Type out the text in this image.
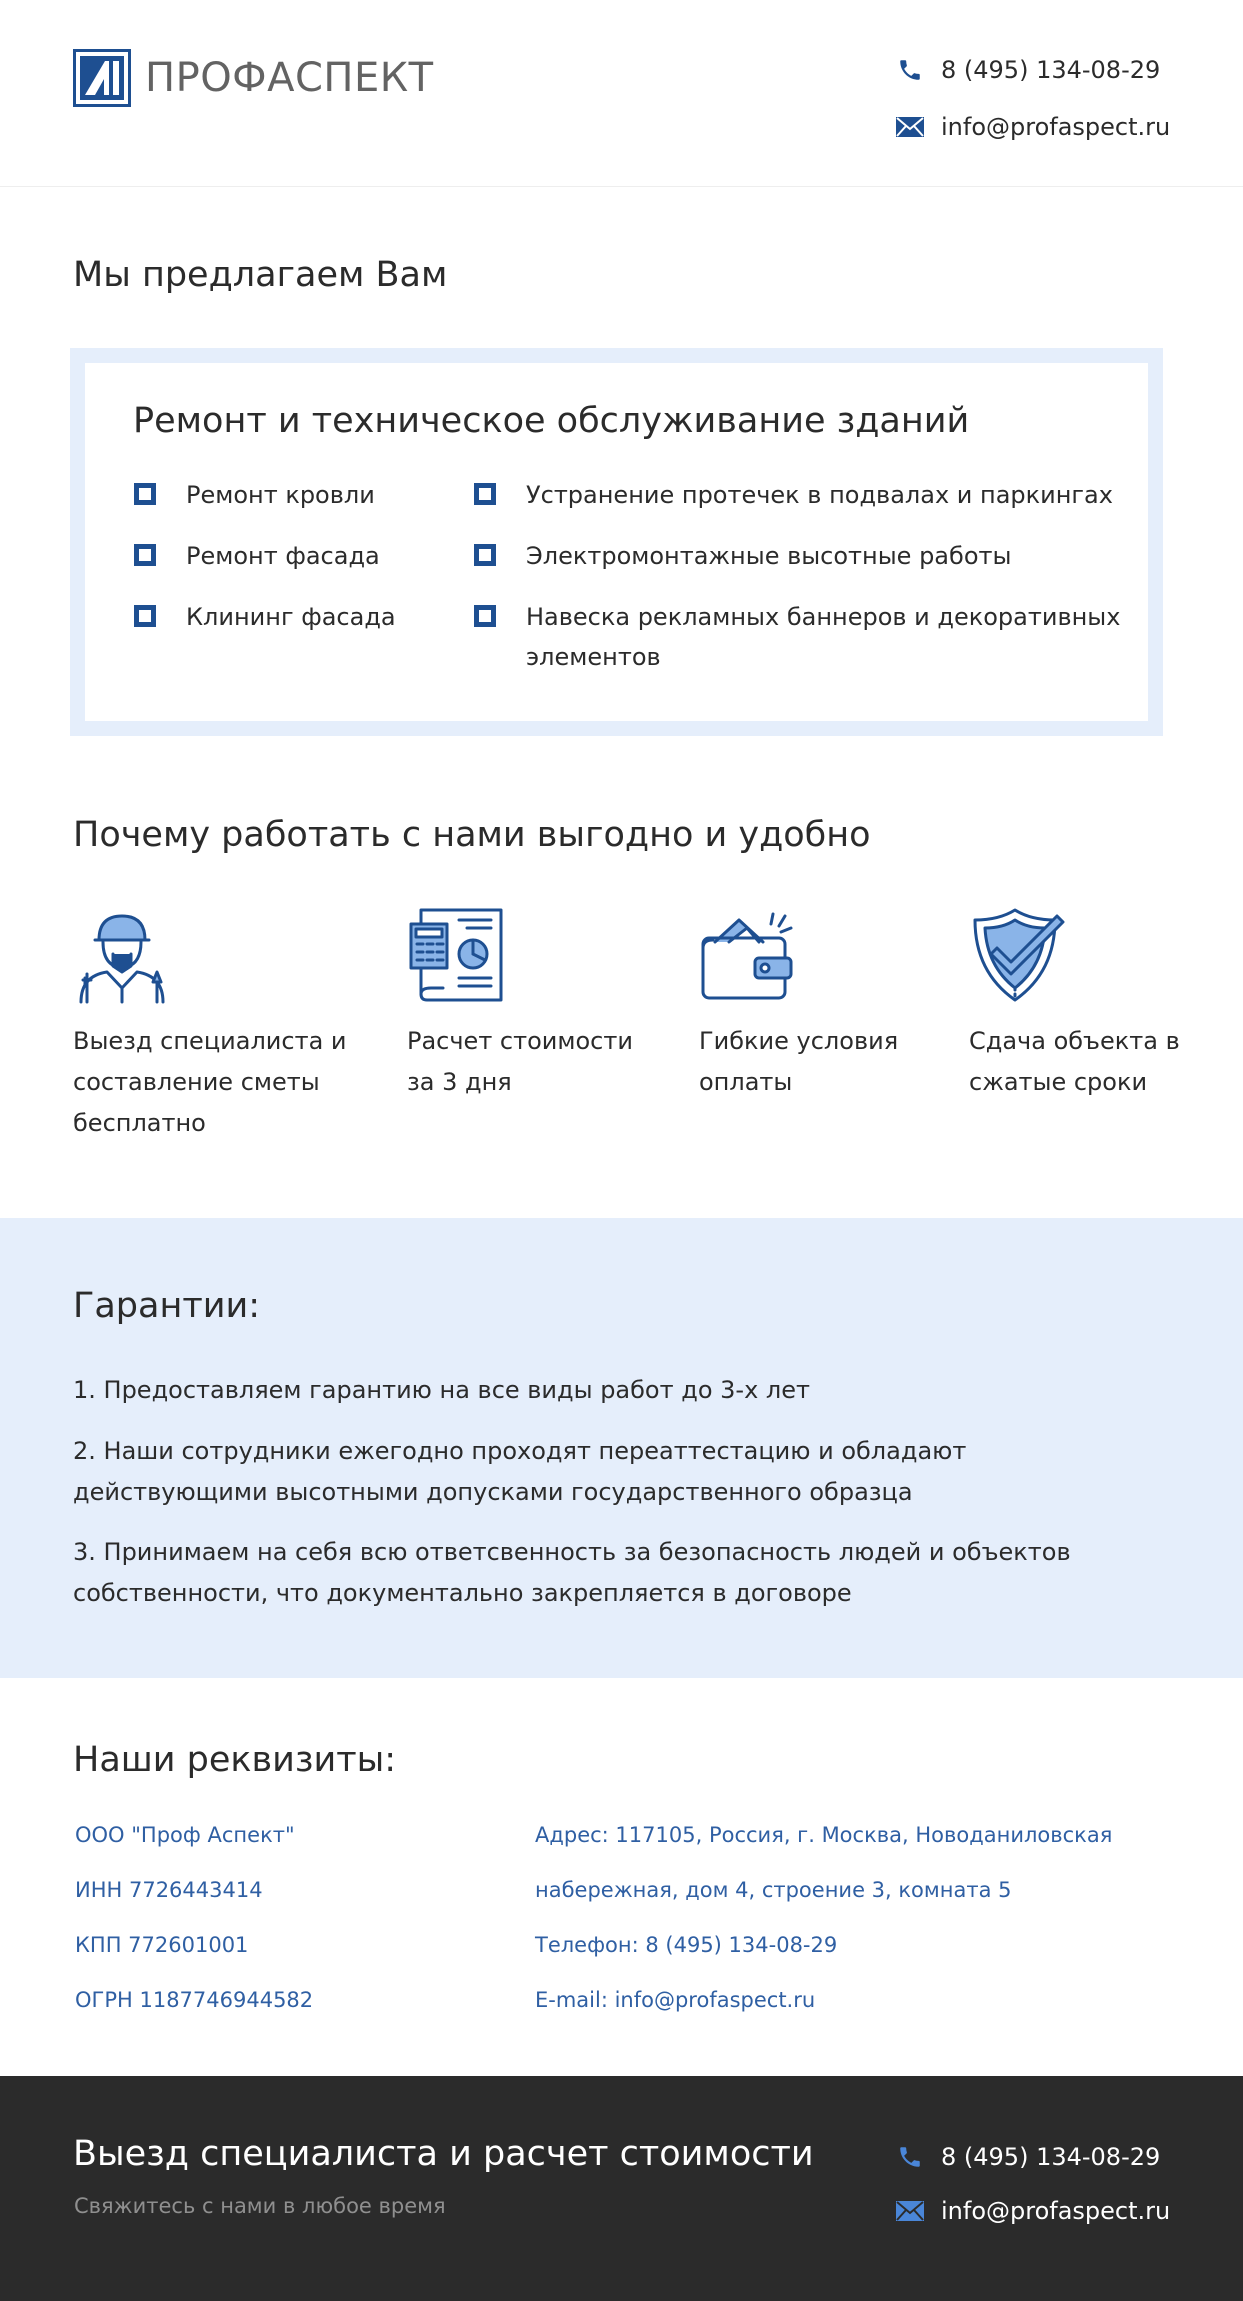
ПРОФАСПЕКТ	8 (495) 134-08-29
info@profaspect.ru
Мы предлагаем Вам
Ремонт и техническое обслуживание зданий
Ремонт кровли
Ремонт фасада
Клининг фасада
Устранение протечек в подвалах и паркингах
Электромонтажные высотные работы
Навеска рекламных баннеров и декоративных элементов
Почему работать с нами выгодно и удобно
Выезд специалиста и составление сметы бесплатно
Расчет стоимости за 3 дня
Гибкие условия оплаты
Сдача объекта в сжатые сроки
Гарантии:
1. Предоставляем гарантию на все виды работ до 3-х лет
2. Наши сотрудники ежегодно проходят переаттестацию и обладают действующими высотными допусками государственного образца
3. Принимаем на себя всю ответсвенность за безопасность людей и объектов собственности, что документально закрепляется в договоре
Наши реквизиты:
ООО "Проф Аспект"
ИНН 7726443414
КПП 772601001
ОГРН 1187746944582
Адрес: 117105, Россия, г. Москва, Новоданиловская
набережная, дом 4, строение 3, комната 5
Телефон: 8 (495) 134-08-29
E-mail: info@profaspect.ru
Выезд специалиста и расчет стоимости
Свяжитесь с нами в любое время
8 (495) 134-08-29
info@profaspect.ru
